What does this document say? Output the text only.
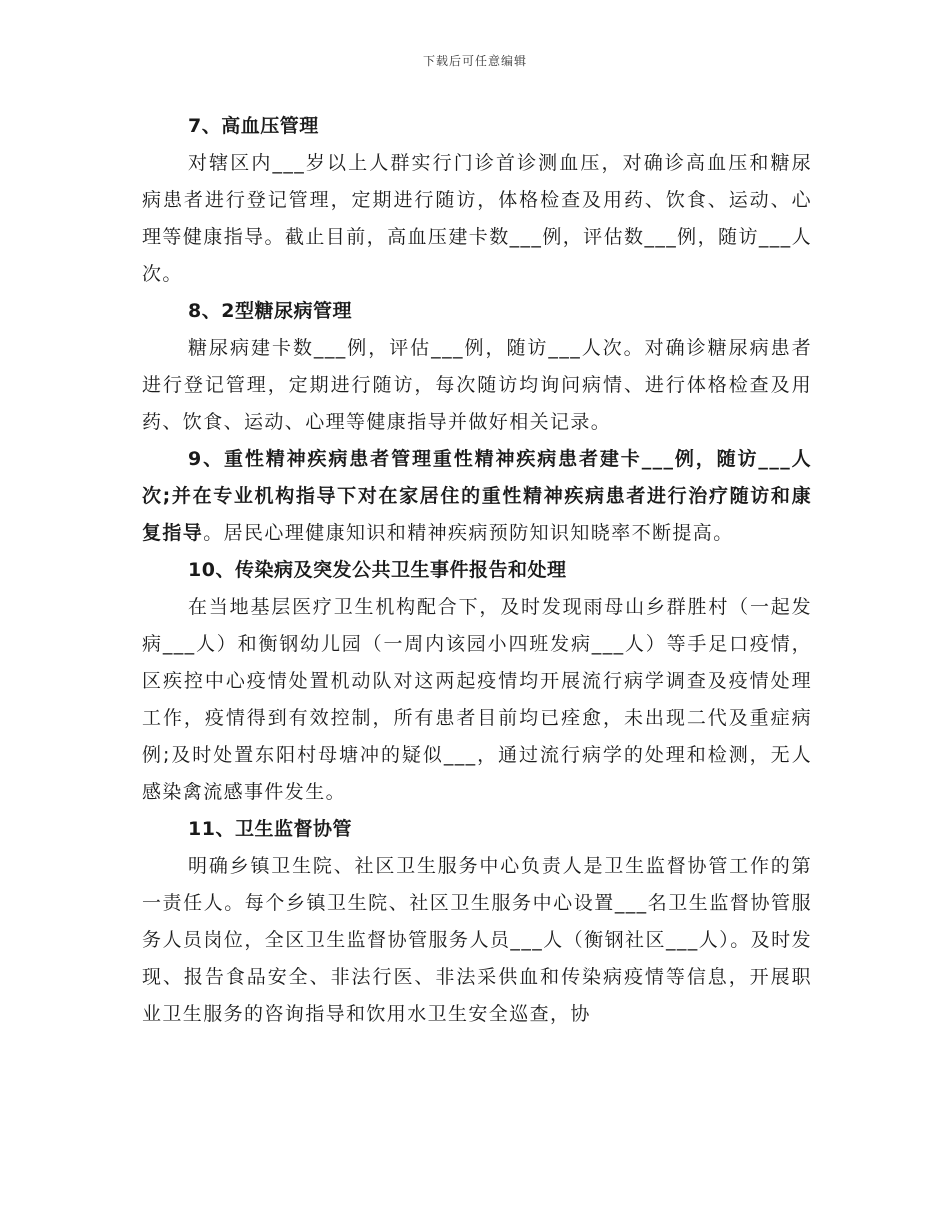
下载后可任意编辑
7、高血压管理

对辖区内___岁以上人群实行门诊首诊测血压，对确诊高血压和糖尿病患者进行登记管理，定期进行随访，体格检查及用药、饮食、运动、心理等健康指导。截止目前，高血压建卡数___例，评估数___例，随访___人次。

8、2型糖尿病管理

糖尿病建卡数___例，评估___例，随访___人次。对确诊糖尿病患者进行登记管理，定期进行随访，每次随访均询问病情、进行体格检查及用药、饮食、运动、心理等健康指导并做好相关记录。

9、重性精神疾病患者管理重性精神疾病患者建卡___例，随访___人次;并在专业机构指导下对在家居住的重性精神疾病患者进行治疗随访和康复指导。居民心理健康知识和精神疾病预防知识知晓率不断提高。

10、传染病及突发公共卫生事件报告和处理

在当地基层医疗卫生机构配合下，及时发现雨母山乡群胜村（一起发病___人）和衡钢幼儿园（一周内该园小四班发病___人）等手足口疫情，区疾控中心疫情处置机动队对这两起疫情均开展流行病学调查及疫情处理工作，疫情得到有效控制，所有患者目前均已痊愈，未出现二代及重症病例;及时处置东阳村母塘冲的疑似___，通过流行病学的处理和检测，无人感染禽流感事件发生。

11、卫生监督协管

明确乡镇卫生院、社区卫生服务中心负责人是卫生监督协管工作的第一责任人。每个乡镇卫生院、社区卫生服务中心设置___名卫生监督协管服务人员岗位，全区卫生监督协管服务人员___人（衡钢社区___人）。及时发现、报告食品安全、非法行医、非法采供血和传染病疫情等信息，开展职业卫生服务的咨询指导和饮用水卫生安全巡查，协
